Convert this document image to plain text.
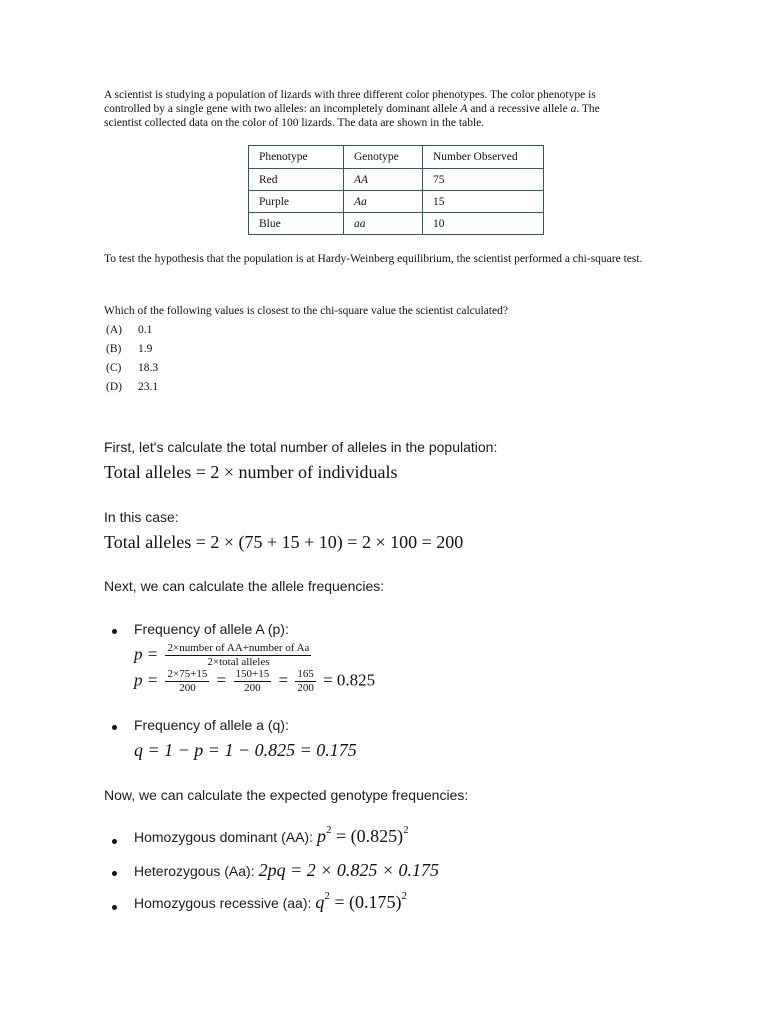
A scientist is studying a population of lizards with three different color phenotypes. The color phenotype is
controlled by a single gene with two alleles: an incompletely dominant allele A and a recessive allele a. The
scientist collected data on the color of 100 lizards. The data are shown in the table.
Phenotype	Genotype	Number Observed
Red	AA	75
Purple	Aa	15
Blue	aa	10
To test the hypothesis that the population is at Hardy-Weinberg equilibrium, the scientist performed a chi-square test.
Which of the following values is closest to the chi-square value the scientist calculated?
(A) 0.1
(B) 1.9
(C) 18.3
(D) 23.1
First, let's calculate the total number of alleles in the population:
Total alleles = 2 × number of individuals
In this case:
Total alleles = 2 × (75 + 15 + 10) = 2 × 100 = 200
Next, we can calculate the allele frequencies:
Frequency of allele A (p):
$p = \frac{\text{2×number of AA+number of Aa}}{\text{2×total alleles}}$
$p = \frac{2\times 75+15}{200} = \frac{150+15}{200} = \frac{165}{200} = 0.825$
Frequency of allele a (q):
q = 1 − p = 1 − 0.825 = 0.175
Now, we can calculate the expected genotype frequencies:
Homozygous dominant (AA): $p^2 = (0.825)^2$
Heterozygous (Aa): 2pq = 2 × 0.825 × 0.175
Homozygous recessive (aa): $q^2 = (0.175)^2$
